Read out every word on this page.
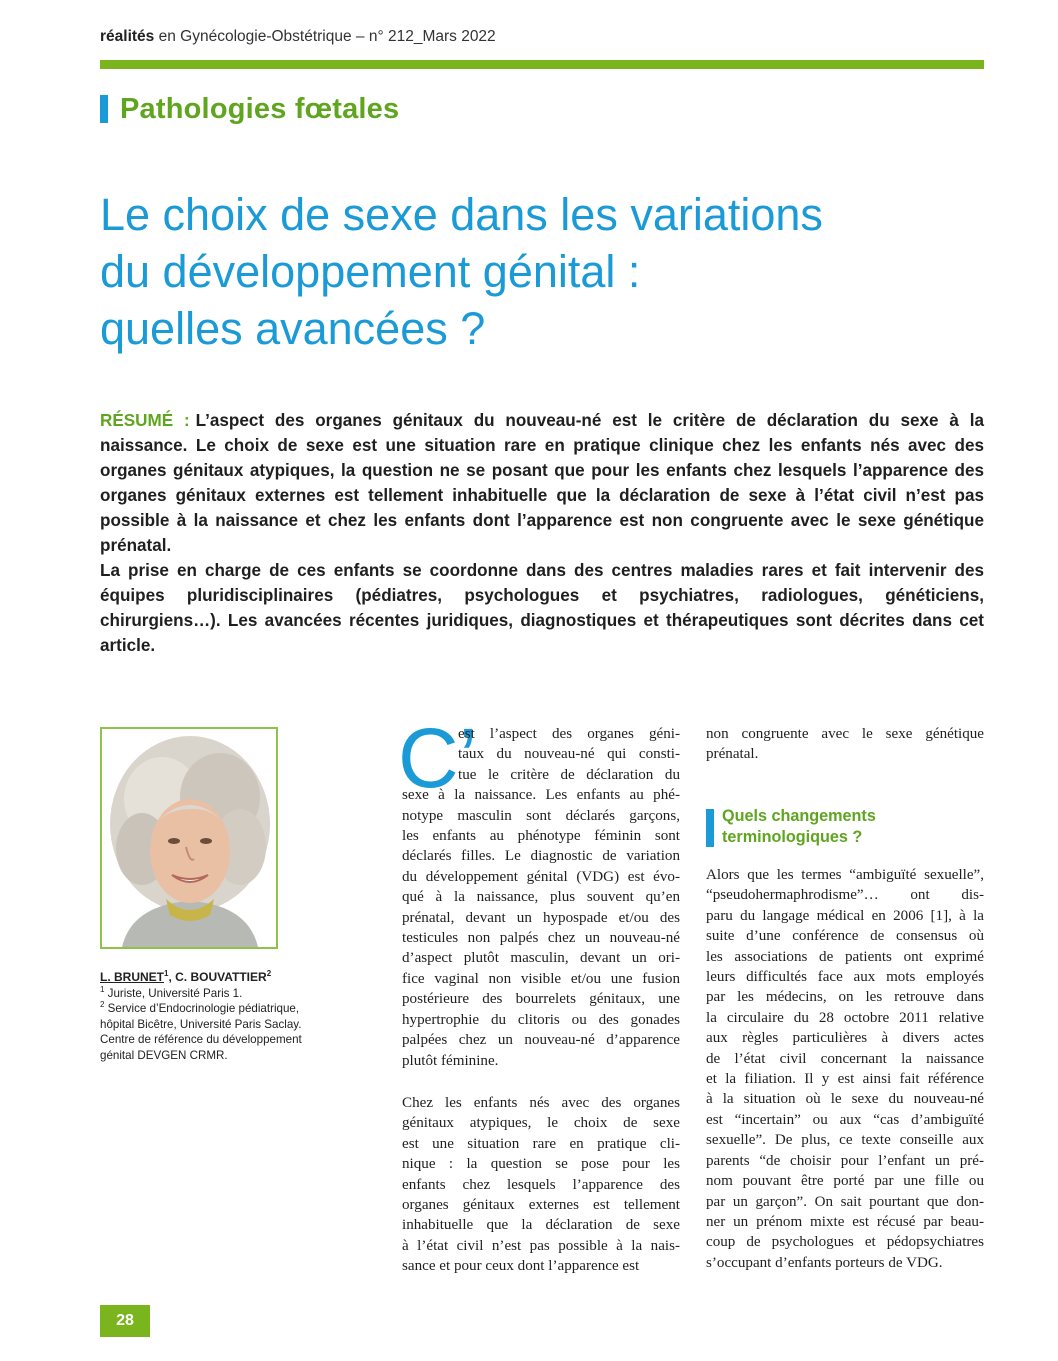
réalités en Gynécologie-Obstétrique – n° 212_Mars 2022
Pathologies fœtales
Le choix de sexe dans les variations
du développement génital :
quelles avancées ?

RÉSUMÉ : L’aspect des organes génitaux du nouveau-né est le critère de déclaration du sexe à la naissance. Le choix de sexe est une situation rare en pratique clinique chez les enfants nés avec des organes génitaux atypiques, la question ne se posant que pour les enfants chez lesquels l’apparence des organes génitaux externes est tellement inhabituelle que la déclaration de sexe à l’état civil n’est pas possible à la naissance et chez les enfants dont l’apparence est non congruente avec le sexe génétique prénatal.

La prise en charge de ces enfants se coordonne dans des centres maladies rares et fait intervenir des équipes pluridisciplinaires (pédiatres, psychologues et psychiatres, radiologues, généticiens, chirurgiens…). Les avancées récentes juridiques, diagnostiques et thérapeutiques sont décrites dans cet article.

L. BRUNET$^1$, C. BOUVATTIER$^2$
$^1$ Juriste, Université Paris 1.
$^2$ Service d’Endocrinologie pédiatrique, hôpital Bicêtre, Université Paris Saclay. Centre de référence du développement génital DEVGEN CRMR.
C’
est l’aspect des organes géni-
taux du nouveau-né qui consti-
tue le critère de déclaration du
sexe à la naissance. Les enfants au phé-
notype masculin sont déclarés garçons,
les enfants au phénotype féminin sont
déclarés filles. Le diagnostic de variation
du développement génital (VDG) est évo-
qué à la naissance, plus souvent qu’en
prénatal, devant un hypospade et/ou des
testicules non palpés chez un nouveau-né
d’aspect plutôt masculin, devant un ori-
fice vaginal non visible et/ou une fusion
postérieure des bourrelets génitaux, une
hypertrophie du clitoris ou des gonades
palpées chez un nouveau-né d’apparence
plutôt féminine.
Chez les enfants nés avec des organes
génitaux atypiques, le choix de sexe
est une situation rare en pratique cli-
nique : la question se pose pour les
enfants chez lesquels l’apparence des
organes génitaux externes est tellement
inhabituelle que la déclaration de sexe
à l’état civil n’est pas possible à la nais-
sance et pour ceux dont l’apparence est
non congruente avec le sexe génétique
prénatal.
Quels changements
terminologiques ?
Alors que les termes “ambiguïté sexuelle”,
“pseudohermaphrodisme”… ont dis-
paru du langage médical en 2006 [1], à la
suite d’une conférence de consensus où
les associations de patients ont exprimé
leurs difficultés face aux mots employés
par les médecins, on les retrouve dans
la circulaire du 28 octobre 2011 relative
aux règles particulières à divers actes
de l’état civil concernant la naissance
et la filiation. Il y est ainsi fait référence
à la situation où le sexe du nouveau-né
est “incertain” ou aux “cas d’ambiguïté
sexuelle”. De plus, ce texte conseille aux
parents “de choisir pour l’enfant un pré-
nom pouvant être porté par une fille ou
par un garçon”. On sait pourtant que don-
ner un prénom mixte est récusé par beau-
coup de psychologues et pédopsychiatres
s’occupant d’enfants porteurs de VDG.
28
